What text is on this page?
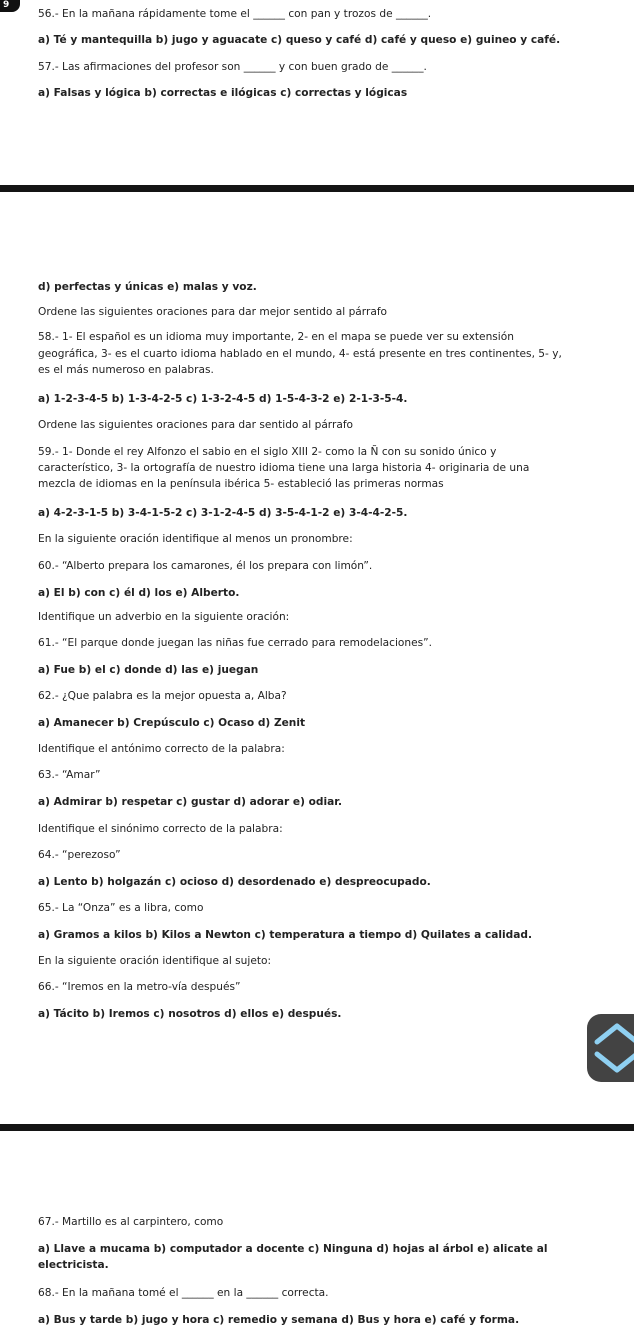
9
56.- En la mañana rápidamente tome el ______ con pan y trozos de ______.
a) Té y mantequilla b) jugo y aguacate c) queso y café d) café y queso e) guineo y café.
57.- Las afirmaciones del profesor son ______ y con buen grado de ______.
a) Falsas y lógica b) correctas e ilógicas c) correctas y lógicas
d) perfectas y únicas e) malas y voz.
Ordene las siguientes oraciones para dar mejor sentido al párrafo
58.- 1- El español es un idioma muy importante, 2- en el mapa se puede ver su extensión
geográfica, 3- es el cuarto idioma hablado en el mundo, 4- está presente en tres continentes, 5- y,
es el más numeroso en palabras.
a) 1-2-3-4-5 b) 1-3-4-2-5 c) 1-3-2-4-5 d) 1-5-4-3-2 e) 2-1-3-5-4.
Ordene las siguientes oraciones para dar sentido al párrafo
59.- 1- Donde el rey Alfonzo el sabio en el siglo XIII 2- como la Ñ con su sonido único y
característico, 3- la ortografía de nuestro idioma tiene una larga historia 4- originaria de una
mezcla de idiomas en la península ibérica 5- estableció las primeras normas
a) 4-2-3-1-5 b) 3-4-1-5-2 c) 3-1-2-4-5 d) 3-5-4-1-2 e) 3-4-4-2-5.
En la siguiente oración identifique al menos un pronombre:
60.- “Alberto prepara los camarones, él los prepara con limón”.
a) El b) con c) él d) los e) Alberto.
Identifique un adverbio en la siguiente oración:
61.- “El parque donde juegan las niñas fue cerrado para remodelaciones”.
a) Fue b) el c) donde d) las e) juegan
62.- ¿Que palabra es la mejor opuesta a, Alba?
a) Amanecer b) Crepúsculo c) Ocaso d) Zenit
Identifique el antónimo correcto de la palabra:
63.- “Amar”
a) Admirar b) respetar c) gustar d) adorar e) odiar.
Identifique el sinónimo correcto de la palabra:
64.- “perezoso”
a) Lento b) holgazán c) ocioso d) desordenado e) despreocupado.
65.- La “Onza” es a libra, como
a) Gramos a kilos b) Kilos a Newton c) temperatura a tiempo d) Quilates a calidad.
En la siguiente oración identifique al sujeto:
66.- “Iremos en la metro-vía después”
a) Tácito b) Iremos c) nosotros d) ellos e) después.
67.- Martillo es al carpintero, como
a) Llave a mucama b) computador a docente c) Ninguna d) hojas al árbol e) alicate al
electricista.
68.- En la mañana tomé el ______ en la ______ correcta.
a) Bus y tarde b) jugo y hora c) remedio y semana d) Bus y hora e) café y forma.
